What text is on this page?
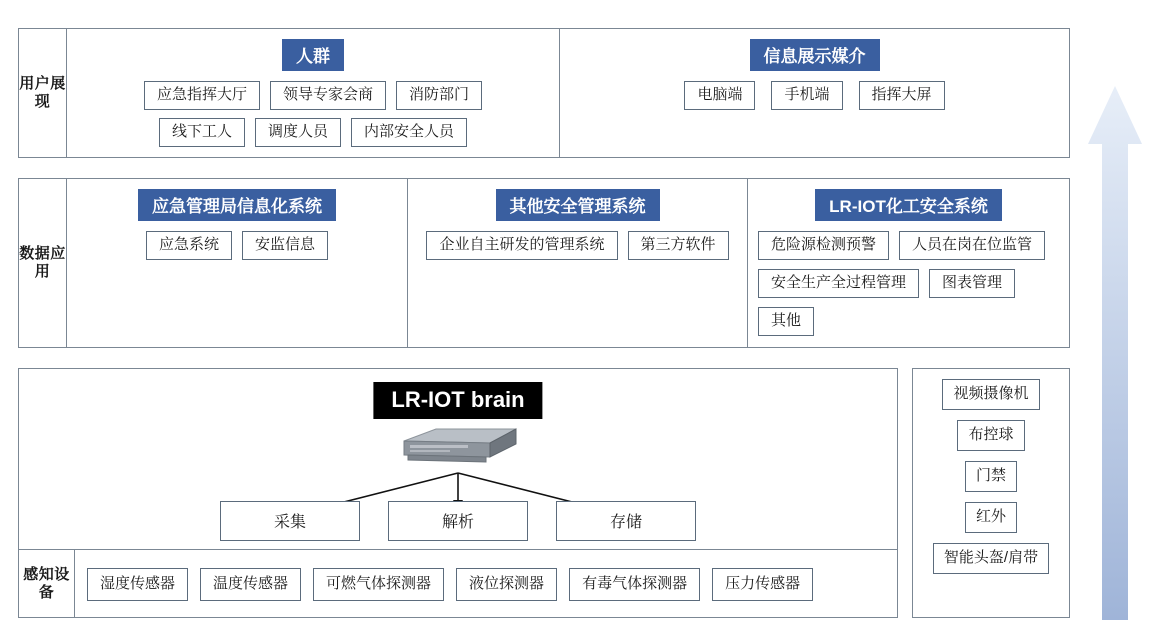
用户展现
人群
应急指挥大厅	领导专家会商	消防部门
线下工人	调度人员	内部安全人员
信息展示媒介
电脑端	手机端	指挥大屏
数据应用
应急管理局信息化系统
应急系统	安监信息
其他安全管理系统
企业自主研发的管理系统	第三方软件
LR-IOT化工安全系统
危险源检测预警	人员在岗在位监管
安全生产全过程管理	图表管理
其他
LR-IOT brain
采集	解析	存储
感知设备
湿度传感器	温度传感器	可燃气体探测器	液位探测器	有毒气体探测器	压力传感器
视频摄像机
布控球
门禁
红外
智能头盔/肩带
